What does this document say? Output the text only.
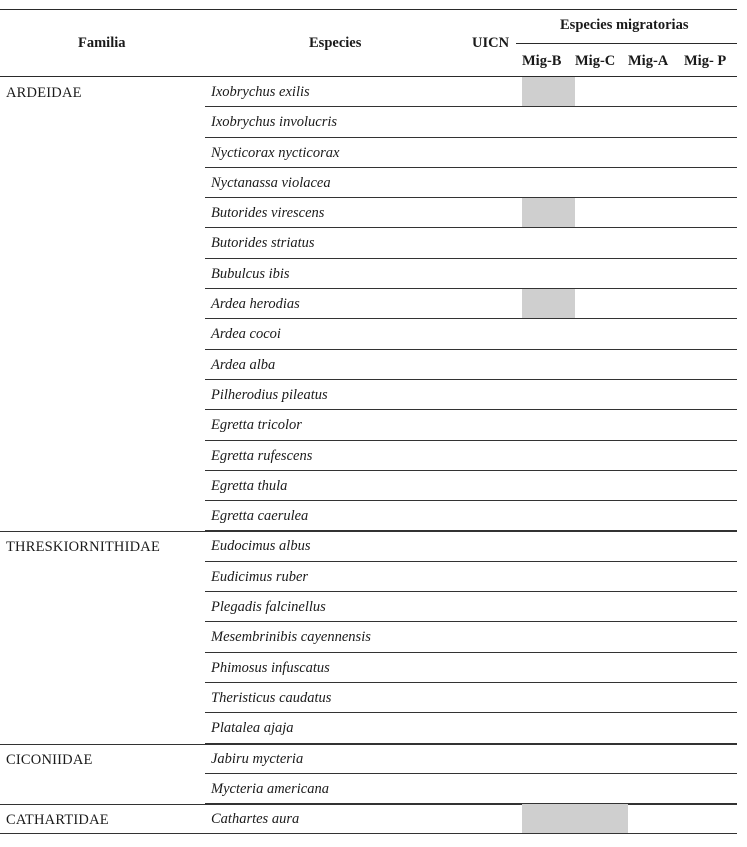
Familia	Especies	UICN
Especies migratorias
Mig-B Mig-C Mig-A Mig- P
ARDEIDAE	Ixobrychus exilis
Ixobrychus involucris
Nycticorax nycticorax
Nyctanassa violacea
Butorides virescens
Butorides striatus
Bubulcus ibis
Ardea herodias
Ardea cocoi
Ardea alba
Pilherodius pileatus
Egretta tricolor
Egretta rufescens
Egretta thula
Egretta caerulea
THRESKIORNITHIDAE	Eudocimus albus
Eudicimus ruber
Plegadis falcinellus
Mesembrinibis cayennensis
Phimosus infuscatus
Theristicus caudatus
Platalea ajaja
CICONIIDAE	Jabiru mycteria
Mycteria americana
CATHARTIDAE	Cathartes aura
